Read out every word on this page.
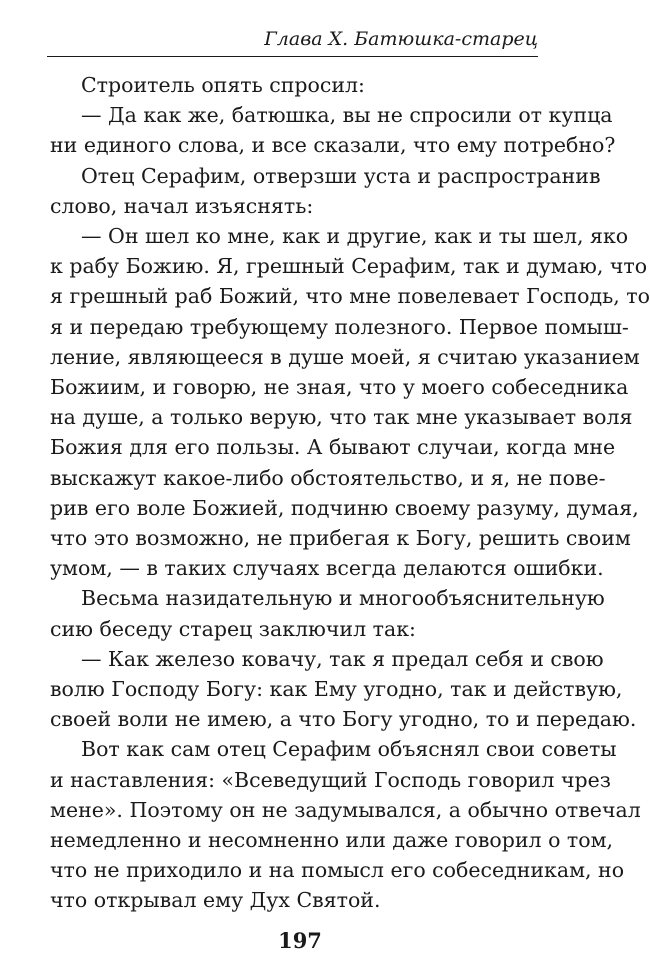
Глава X. Батюшка-старец
Строитель опять спросил:
— Да как же, батюшка, вы не спросили от купца
ни единого слова, и все сказали, что ему потребно?
Отец Серафим, отверзши уста и распространив
слово, начал изъяснять:
— Он шел ко мне, как и другие, как и ты шел, яко
к рабу Божию. Я, грешный Серафим, так и думаю, что
я грешный раб Божий, что мне повелевает Господь, то
я и передаю требующему полезного. Первое помыш-
ление, являющееся в душе моей, я считаю указанием
Божиим, и говорю, не зная, что у моего собеседника
на душе, а только верую, что так мне указывает воля
Божия для его пользы. А бывают случаи, когда мне
выскажут какое-либо обстоятельство, и я, не пове-
рив его воле Божией, подчиню своему разуму, думая,
что это возможно, не прибегая к Богу, решить своим
умом, — в таких случаях всегда делаются ошибки.
Весьма назидательную и многообъяснительную
сию беседу старец заключил так:
— Как железо ковачу, так я предал себя и свою
волю Господу Богу: как Ему угодно, так и действую,
своей воли не имею, а что Богу угодно, то и передаю.
Вот как сам отец Серафим объяснял свои советы
и наставления: «Всеведущий Господь говорил чрез
мене». Поэтому он не задумывался, а обычно отвечал
немедленно и несомненно или даже говорил о том,
что не приходило и на помысл его собеседникам, но
что открывал ему Дух Святой.
197
